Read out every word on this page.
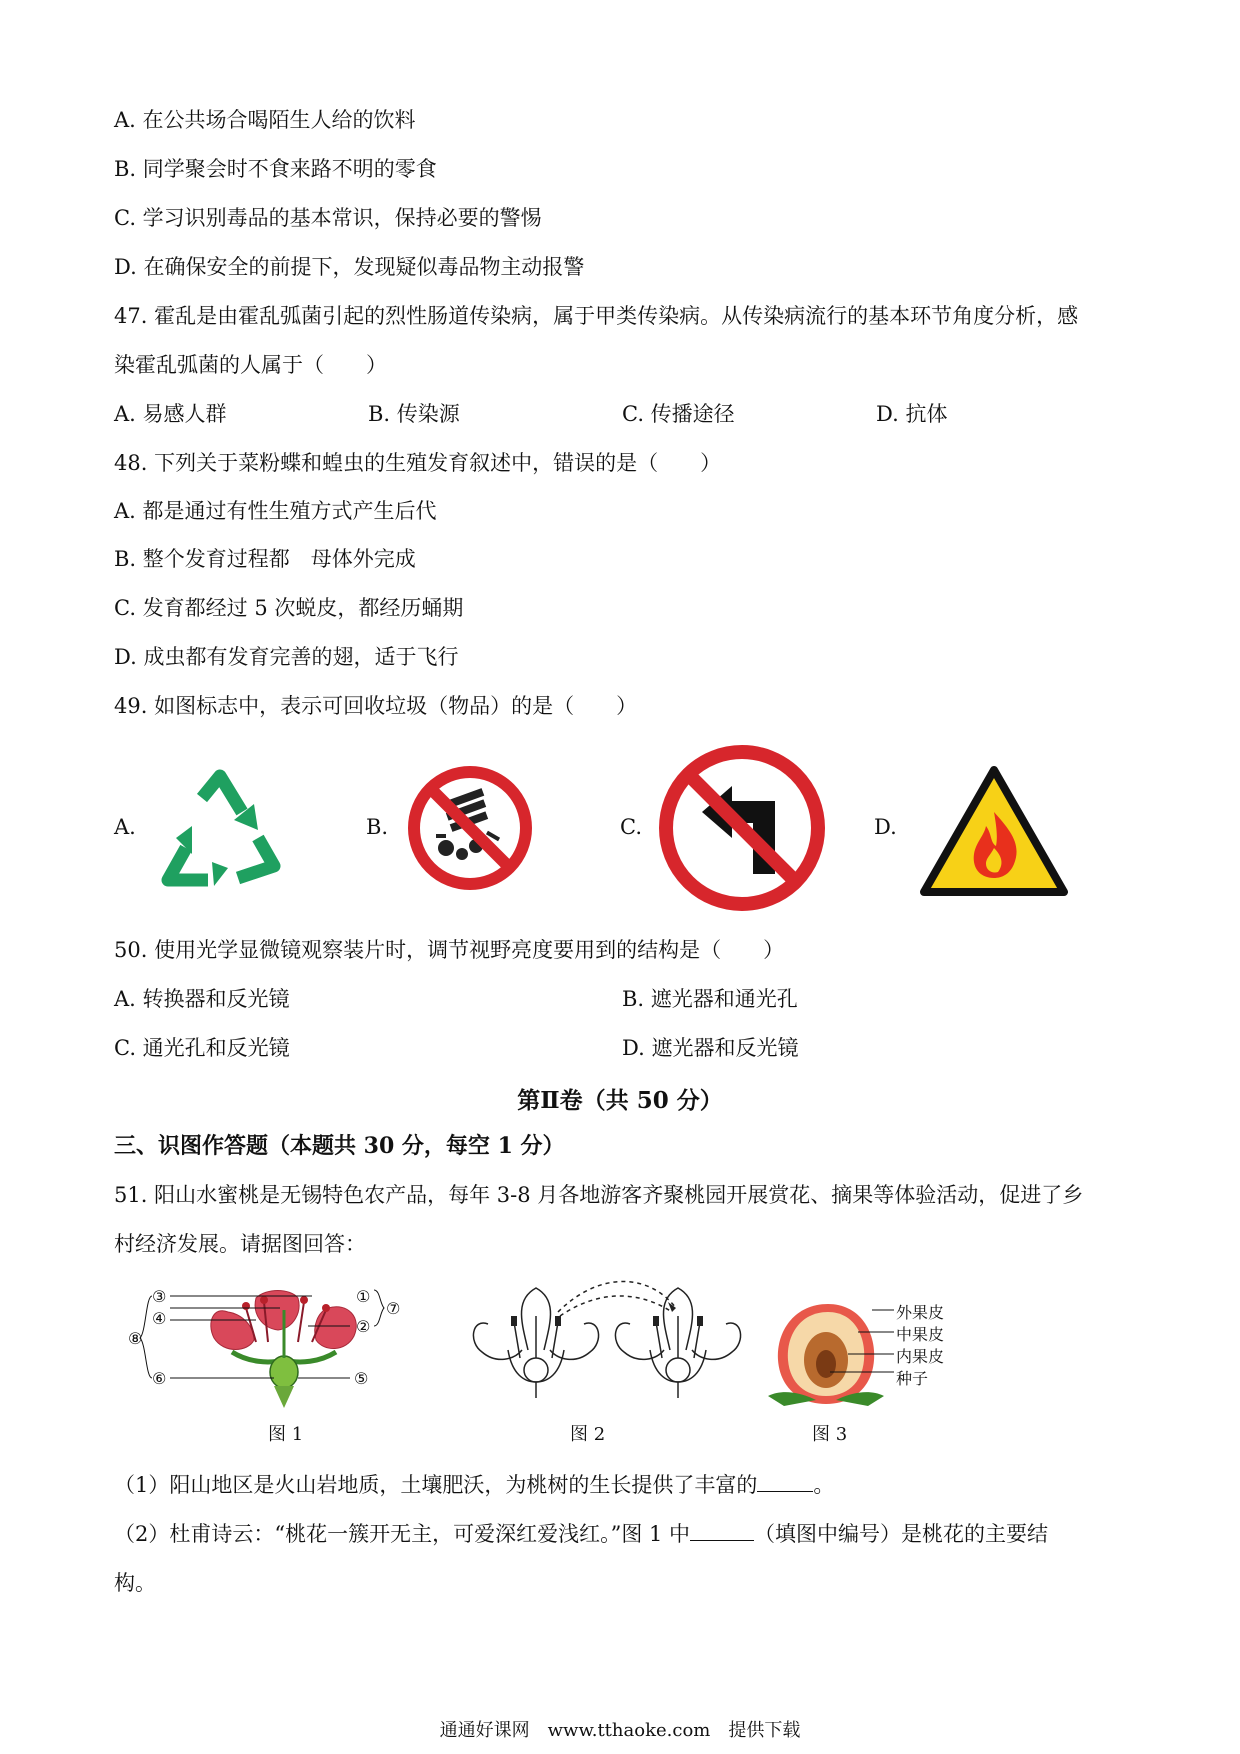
A. 在公共场合喝陌生人给的饮料
B. 同学聚会时不食来路不明的零食
C. 学习识别毒品的基本常识，保持必要的警惕
D. 在确保安全的前提下，发现疑似毒品物主动报警
47. 霍乱是由霍乱弧菌引起的烈性肠道传染病，属于甲类传染病。从传染病流行的基本环节角度分析，感
染霍乱弧菌的人属于（　　）
A. 易感人群	B. 传染源	C. 传播途径	D. 抗体
48. 下列关于菜粉蝶和蝗虫的生殖发育叙述中，错误的是（　　）
A. 都是通过有性生殖方式产生后代
B. 整个发育过程都　母体外完成
C. 发育都经过 5 次蜕皮，都经历蛹期
D. 成虫都有发育完善的翅，适于飞行
49. 如图标志中，表示可回收垃圾（物品）的是（　　）
A.	B.	C.	D.
50. 使用光学显微镜观察装片时，调节视野亮度要用到的结构是（　　）
A. 转换器和反光镜	B. 遮光器和通光孔
C. 通光孔和反光镜	D. 遮光器和反光镜
第Ⅱ卷（共 50 分）
三、识图作答题（本题共 30 分，每空 1 分）
51. 阳山水蜜桃是无锡特色农产品，每年 3-8 月各地游客齐聚桃园开展赏花、摘果等体验活动，促进了乡
村经济发展。请据图回答：
③
④
①
②
⑦
⑧
⑥	⑤
图 1	图 2
外果皮
中果皮
内果皮
种子
图 3
（1）阳山地区是火山岩地质，土壤肥沃，为桃树的生长提供了丰富的	。
（2）杜甫诗云：“桃花一簇开无主，可爱深红爱浅红。”图 1 中	（填图中编号）是桃花的主要结
构。
通通好课网　www.tthaoke.com　提供下载
